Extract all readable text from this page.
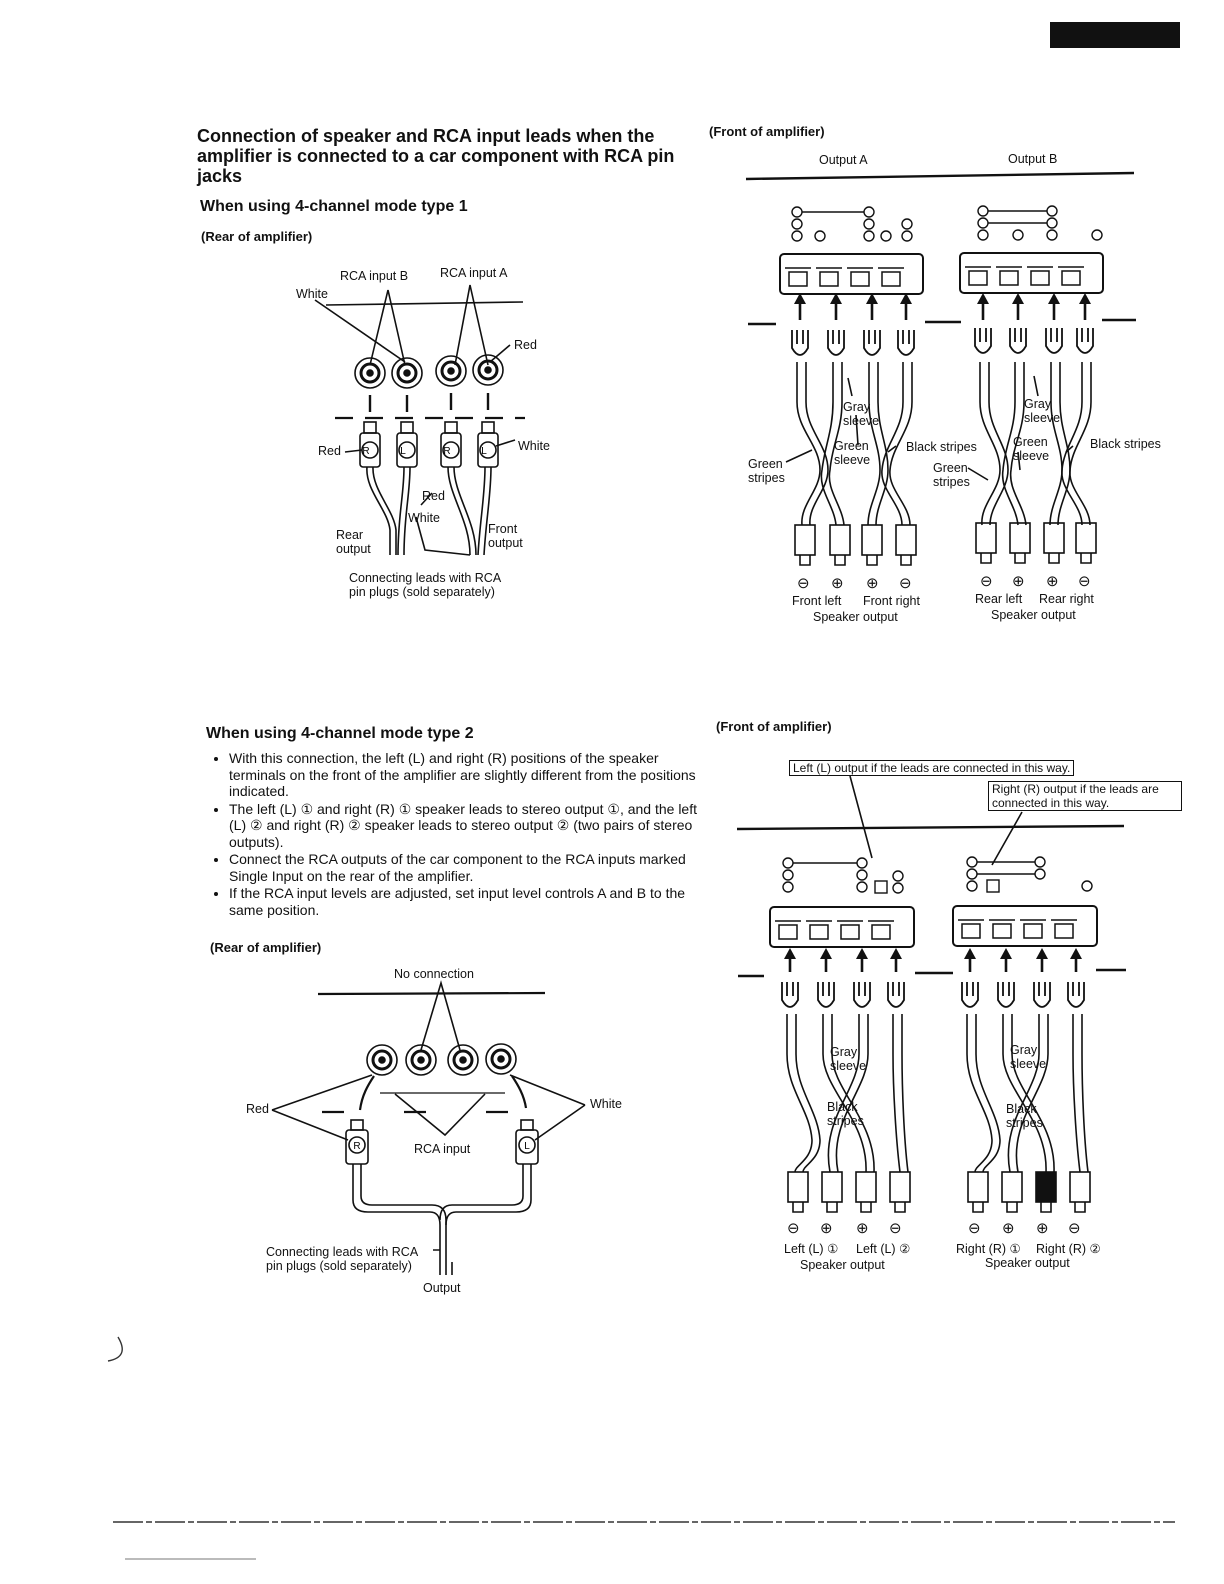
Connection of speaker and RCA input leads when the amplifier is connected to a car component with RCA pin jacks
When using 4-channel mode type 1
(Rear of amplifier)
RCA input B	RCA input A
White
Red
Red	White
Red
White
Rear
output
Front
output
Connecting leads with RCA
pin plugs (sold separately)
R	L	R	L
(Front of amplifier)
Output A	Output B
Gray
sleeve
Green
sleeve
Black stripes
Green
stripes
Gray
sleeve
Green
sleeve
Black stripes
Green
stripes
⊖ ⊕ ⊕ ⊖	⊖ ⊕ ⊕ ⊖
Front left Front right
Speaker output
Rear left Rear right
Speaker output
When using 4-channel mode type 2
• With this connection, the left (L) and right (R) positions of the speaker terminals on the front of the amplifier are slightly different from the positions indicated.
• The left (L) ① and right (R) ① speaker leads to stereo output ①, and the left (L) ② and right (R) ② speaker leads to stereo output ② (two pairs of stereo outputs).
• Connect the RCA outputs of the car component to the RCA inputs marked Single Input on the rear of the amplifier.
• If the RCA input levels are adjusted, set input level controls A and B to the same position.
(Rear of amplifier)
No connection
Red	White
RCA input
Connecting leads with RCA
pin plugs (sold separately)
Output
R	L
(Front of amplifier)
Left (L) output if the leads are connected in this way.
Right (R) output if the leads are connected in this way.
Gray
sleeve
Black
stripes
Gray
sleeve
Black
stripes
⊖ ⊕ ⊕ ⊖	⊖ ⊕ ⊕ ⊖
Left (L) ① Left (L) ②
Speaker output
Right (R) ① Right (R) ②
Speaker output
